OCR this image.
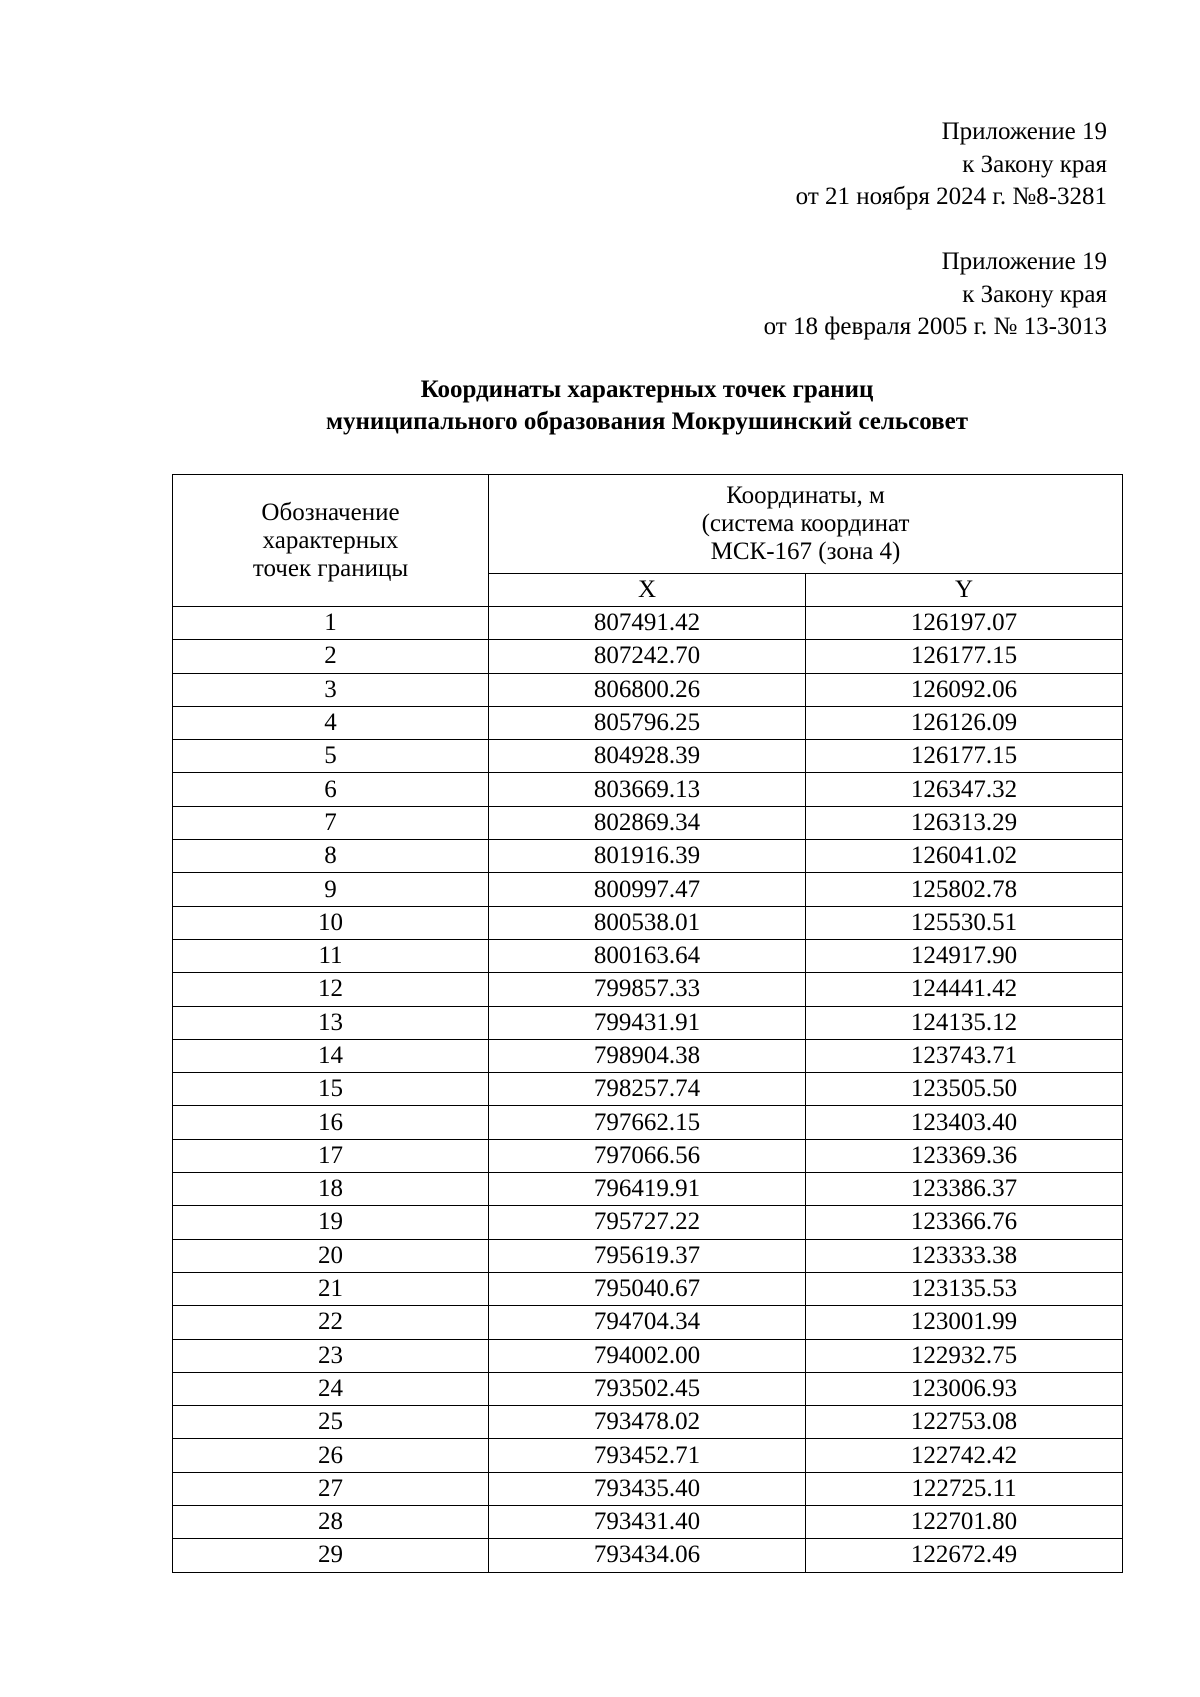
Приложение 19
к Закону края
от 21 ноября 2024 г. №8-3281
Приложение 19
к Закону края
от 18 февраля 2005 г. № 13-3013
Координаты характерных точек границ
муниципального образования Мокрушинский сельсовет
Обозначение
характерных
точек границы	Координаты, м
(система координат
МСК-167 (зона 4)	

	X	Y
1	807491.42	126197.07
2	807242.70	126177.15
3	806800.26	126092.06
4	805796.25	126126.09
5	804928.39	126177.15
6	803669.13	126347.32
7	802869.34	126313.29
8	801916.39	126041.02
9	800997.47	125802.78
10	800538.01	125530.51
11	800163.64	124917.90
12	799857.33	124441.42
13	799431.91	124135.12
14	798904.38	123743.71
15	798257.74	123505.50
16	797662.15	123403.40
17	797066.56	123369.36
18	796419.91	123386.37
19	795727.22	123366.76
20	795619.37	123333.38
21	795040.67	123135.53
22	794704.34	123001.99
23	794002.00	122932.75
24	793502.45	123006.93
25	793478.02	122753.08
26	793452.71	122742.42
27	793435.40	122725.11
28	793431.40	122701.80
29	793434.06	122672.49
